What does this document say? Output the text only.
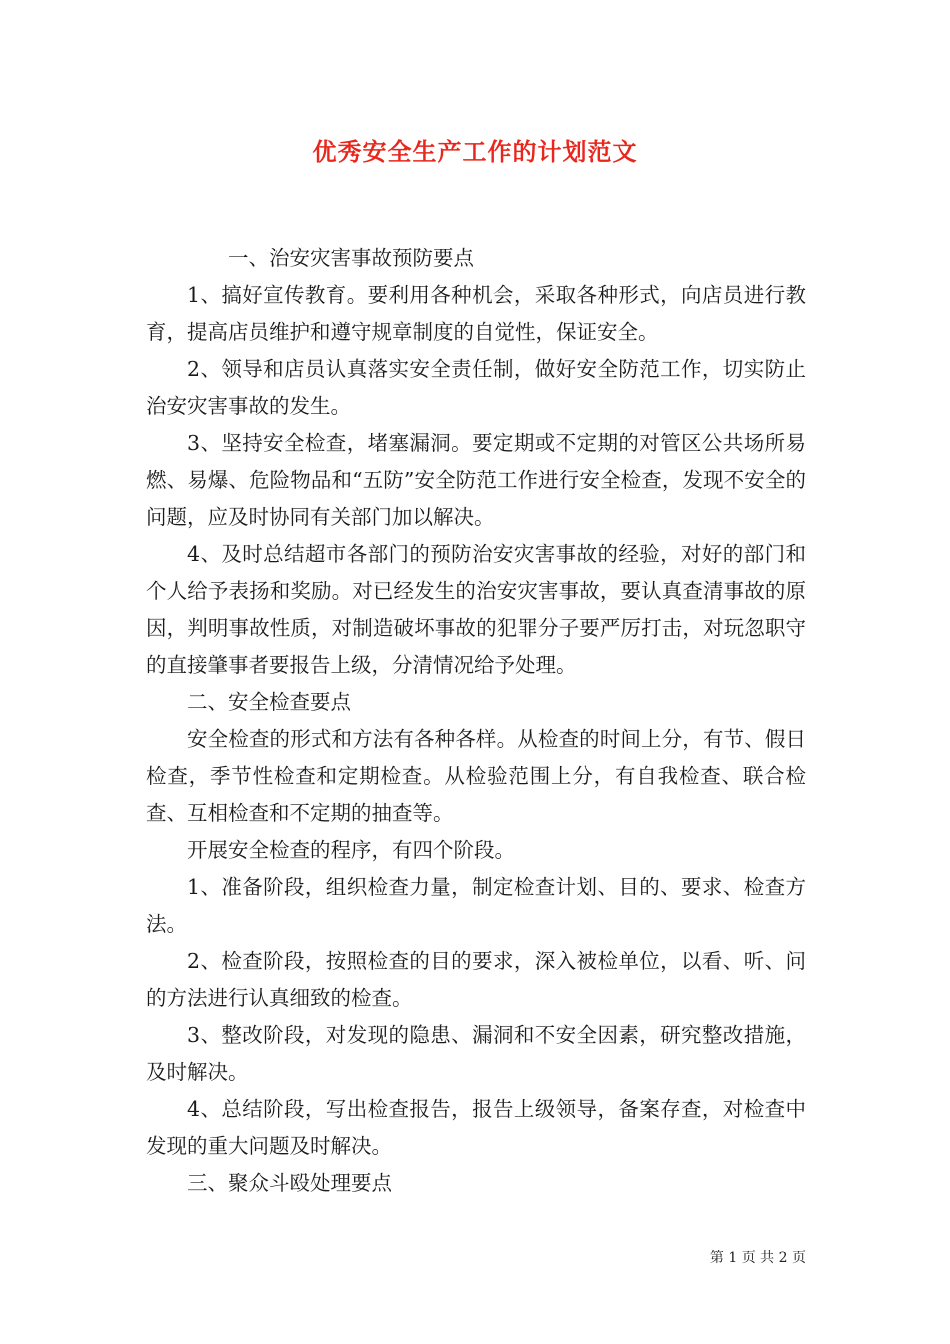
优秀安全生产工作的计划范文

一、治安灾害事故预防要点

1、搞好宣传教育。要利用各种机会，采取各种形式，向店员进行教育，提高店员维护和遵守规章制度的自觉性，保证安全。

2、领导和店员认真落实安全责任制，做好安全防范工作，切实防止治安灾害事故的发生。

3、坚持安全检查，堵塞漏洞。要定期或不定期的对管区公共场所易燃、易爆、危险物品和“五防”安全防范工作进行安全检查，发现不安全的问题，应及时协同有关部门加以解决。

4、及时总结超市各部门的预防治安灾害事故的经验，对好的部门和个人给予表扬和奖励。对已经发生的治安灾害事故，要认真查清事故的原因，判明事故性质，对制造破坏事故的犯罪分子要严厉打击，对玩忽职守的直接肇事者要报告上级，分清情况给予处理。

二、安全检查要点

安全检查的形式和方法有各种各样。从检查的时间上分，有节、假日检查，季节性检查和定期检查。从检验范围上分，有自我检查、联合检查、互相检查和不定期的抽查等。

开展安全检查的程序，有四个阶段。

1、准备阶段，组织检查力量，制定检查计划、目的、要求、检查方法。

2、检查阶段，按照检查的目的要求，深入被检单位，以看、听、问的方法进行认真细致的检查。

3、整改阶段，对发现的隐患、漏洞和不安全因素，研究整改措施，及时解决。

4、总结阶段，写出检查报告，报告上级领导，备案存查，对检查中发现的重大问题及时解决。

三、聚众斗殴处理要点

第 1 页 共 2 页
